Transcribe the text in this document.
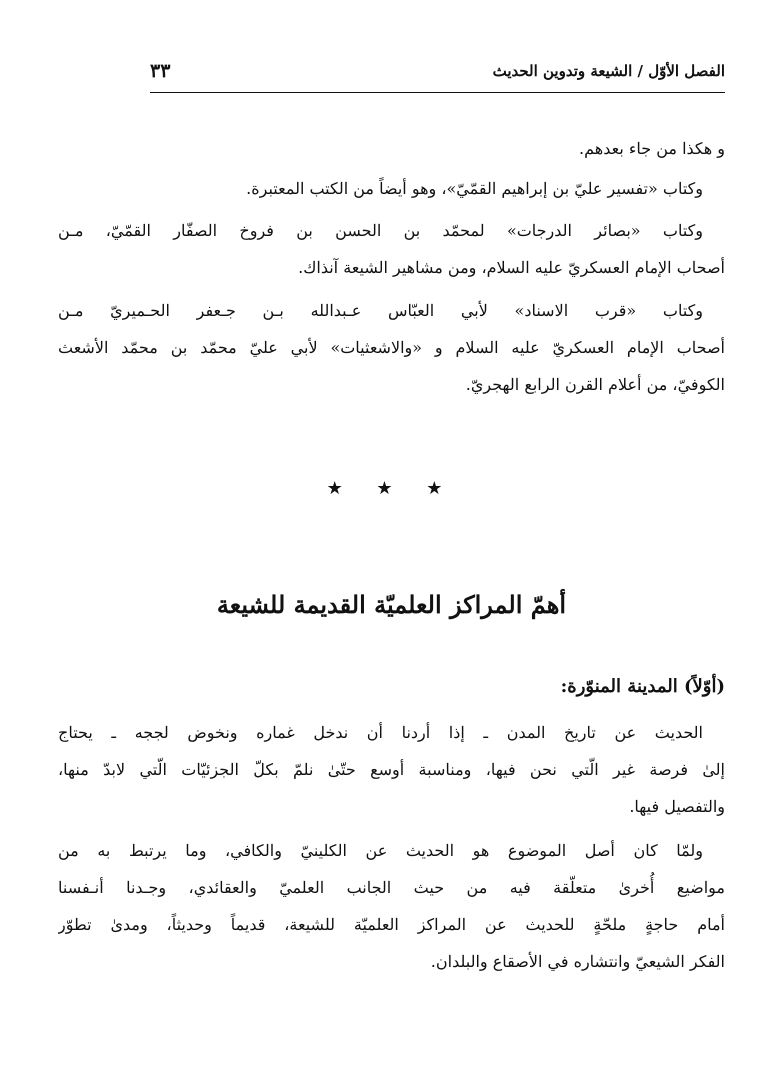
الفصل الأوّل / الشيعة وتدوين الحديث
٣٣
و هكذا من جاء بعدهم.
وكتاب «تفسير عليّ بن إبراهيم القمّيّ»، وهو أيضاً من الكتب المعتبرة.
وكتاب «بصائر الدرجات» لمحمّد بن الحسن بن فروخ الصفّار القمّيّ، مـن
أصحاب الإمام العسكريّ عليه السلام، ومن مشاهير الشيعة آنذاك.
وكتاب «قرب الاسناد» لأبي العبّاس عـبدالله بـن جـعفر الحـميريّ مـن
أصحاب الإمام العسكريّ عليه السلام و «والاشعثيات» لأبي عليّ محمّد بن محمّد الأشعث
الكوفيّ، من أعلام القرن الرابع الهجريّ.
★ ★ ★
أهمّ المراكز العلميّة القديمة للشيعة
(أوّلاً) المدينة المنوّرة:
الحديث عن تاريخ المدن ـ إذا أردنا أن ندخل غماره ونخوض لججه ـ يحتاج
إلىٰ فرصة غير الّتي نحن فيها، ومناسبة أوسع حتّىٰ نلمّ بكلّ الجزئيّات الّتي لابدّ منها،
والتفصيل فيها.
ولمّا كان أصل الموضوع هو الحديث عن الكلينيّ والكافي، وما يرتبط به من
مواضيع أُخرىٰ متعلّقة فيه من حيث الجانب العلميّ والعقائدي، وجـدنا أنـفسنا
أمام حاجةٍ ملحّةٍ للحديث عن المراكز العلميّة للشيعة، قديماً وحديثاً، ومدىٰ تطوّر
الفكر الشيعيّ وانتشاره في الأصقاع والبلدان.
